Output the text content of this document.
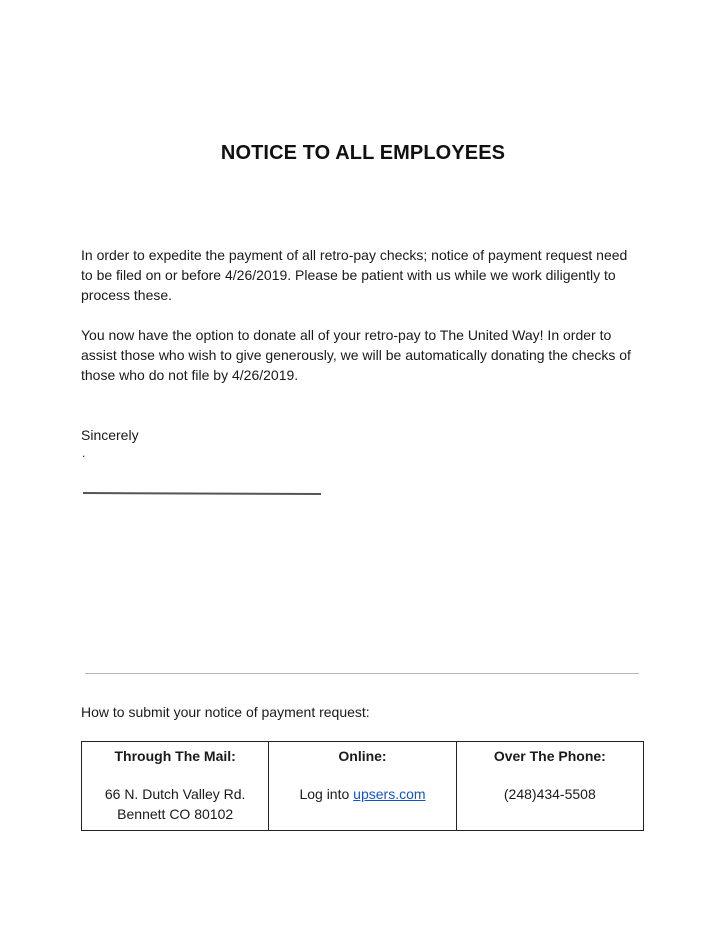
NOTICE TO ALL EMPLOYEES

In order to expedite the payment of all retro-pay checks; notice of payment request need to be filed on or before 4/26/2019. Please be patient with us while we work diligently to process these.

You now have the option to donate all of your retro-pay to The United Way! In order to assist those who wish to give generously, we will be automatically donating the checks of those who do not file by 4/26/2019.

Sincerely
.
How to submit your notice of payment request:
Through The Mail:	Online:	Over The Phone:

66 N. Dutch Valley Rd.
Bennett CO 80102	Log into upsers.com	(248)434-5508
